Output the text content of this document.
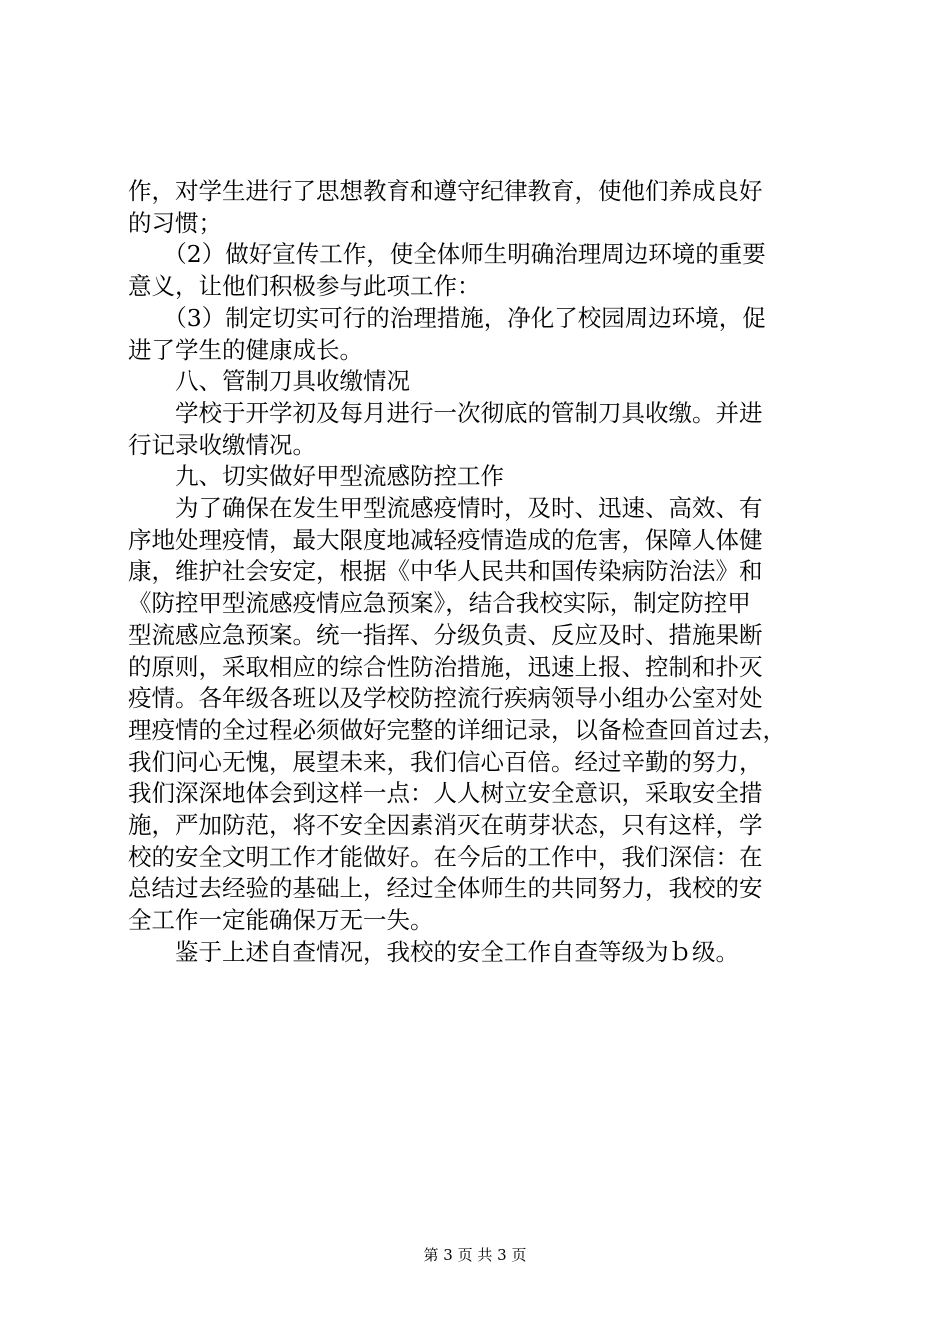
作，对学生进行了思想教育和遵守纪律教育，使他们养成良好
的习惯；
　　（2）做好宣传工作，使全体师生明确治理周边环境的重要
意义，让他们积极参与此项工作：
　　（3）制定切实可行的治理措施，净化了校园周边环境，促
进了学生的健康成长。
　　八、管制刀具收缴情况
　　学校于开学初及每月进行一次彻底的管制刀具收缴。并进
行记录收缴情况。
　　九、切实做好甲型流感防控工作
　　为了确保在发生甲型流感疫情时，及时、迅速、高效、有
序地处理疫情，最大限度地减轻疫情造成的危害，保障人体健
康，维护社会安定，根据《中华人民共和国传染病防治法》和
《防控甲型流感疫情应急预案》，结合我校实际，制定防控甲
型流感应急预案。统一指挥、分级负责、反应及时、措施果断
的原则，采取相应的综合性防治措施，迅速上报、控制和扑灭
疫情。各年级各班以及学校防控流行疾病领导小组办公室对处
理疫情的全过程必须做好完整的详细记录，以备检查回首过去，
我们问心无愧，展望未来，我们信心百倍。经过辛勤的努力，
我们深深地体会到这样一点：人人树立安全意识，采取安全措
施，严加防范，将不安全因素消灭在萌芽状态，只有这样，学
校的安全文明工作才能做好。在今后的工作中，我们深信：在
总结过去经验的基础上，经过全体师生的共同努力，我校的安
全工作一定能确保万无一失。
　　鉴于上述自查情况，我校的安全工作自查等级为ｂ级。
第 3 页 共 3 页
